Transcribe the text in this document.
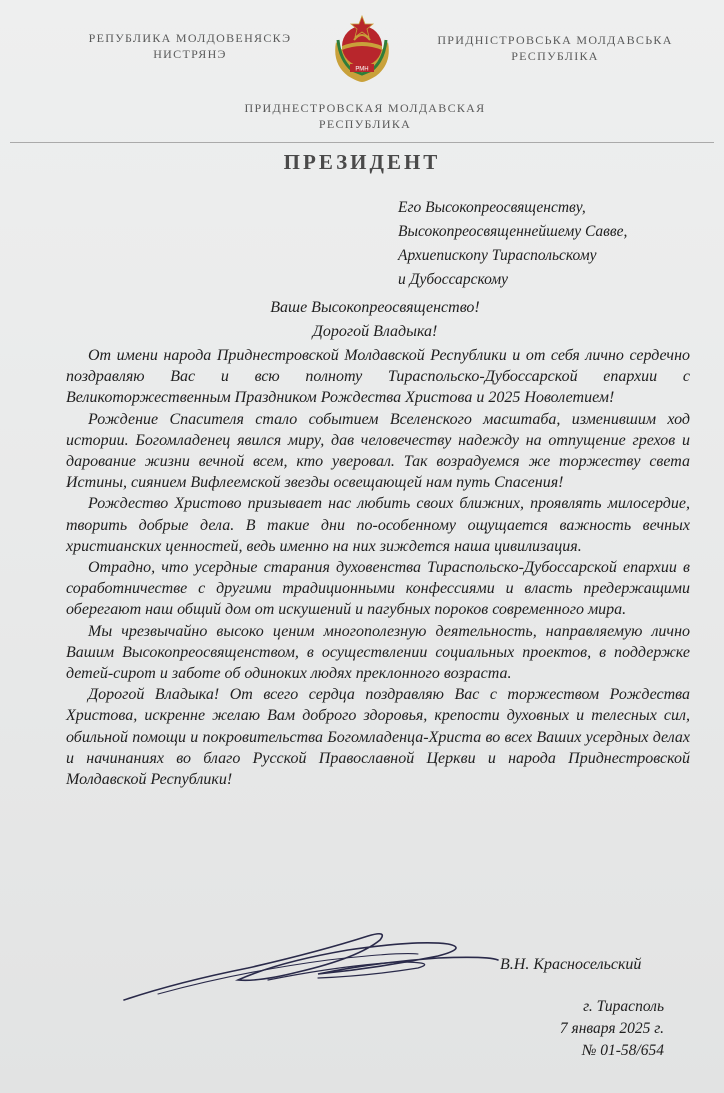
РЕПУБЛИКА МОЛДОВЕНЯСКЭ
НИСТРЯНЭ
РМН
ПРИДНІСТРОВСЬКА МОЛДАВСЬКА
РЕСПУБЛІКА
ПРИДНЕСТРОВСКАЯ МОЛДАВСКАЯ
РЕСПУБЛИКА
ПРЕЗИДЕНТ
Его Высокопреосвященству,
Высокопреосвященнейшему Савве,
Архиепископу Тираспольскому
и Дубоссарскому
Ваше Высокопреосвященство!
Дорогой Владыка!

От имени народа Приднестровской Молдавской Республики и от себя лично сердечно поздравляю Вас и всю полноту Тираспольско-Дубоссарской епархии с Великоторжественным Праздником Рождества Христова и 2025 Новолетием!

Рождение Спасителя стало событием Вселенского масштаба, изменившим ход истории. Богомладенец явился миру, дав человечеству надежду на отпущение грехов и дарование жизни вечной всем, кто уверовал. Так возрадуемся же торжеству света Истины, сиянием Вифлеемской звезды освещающей нам путь Спасения!

Рождество Христово призывает нас любить своих ближних, проявлять милосердие, творить добрые дела. В такие дни по-особенному ощущается важность вечных христианских ценностей, ведь именно на них зиждется наша цивилизация.

Отрадно, что усердные старания духовенства Тираспольско-Дубоссарской епархии в соработничестве с другими традиционными конфессиями и власть предержащими оберегают наш общий дом от искушений и пагубных пороков современного мира.

Мы чрезвычайно высоко ценим многополезную деятельность, направляемую лично Вашим Высокопреосвященством, в осуществлении социальных проектов, в поддержке детей-сирот и заботе об одиноких людях преклонного возраста.

Дорогой Владыка! От всего сердца поздравляю Вас с торжеством Рождества Христова, искренне желаю Вам доброго здоровья, крепости духовных и телесных сил, обильной помощи и покровительства Богомладенца-Христа во всех Ваших усердных делах и начинаниях во благо Русской Православной Церкви и народа Приднестровской Молдавской Республики!

В.Н. Красносельский
г. Тирасполь
7 января 2025 г.
№ 01-58/654
